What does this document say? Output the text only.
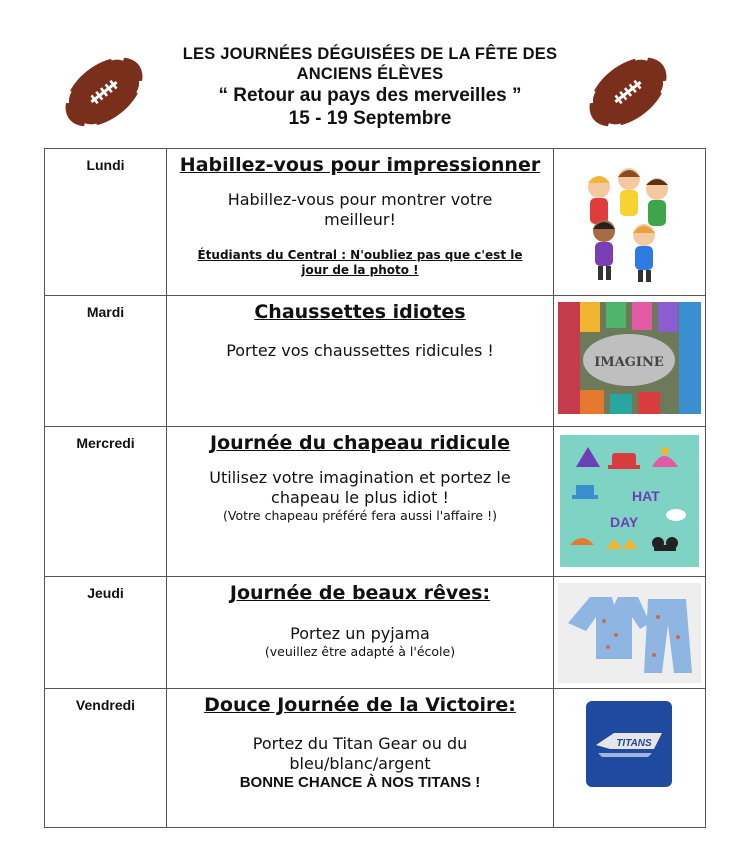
LES JOURNÉES DÉGUISÉES DE LA FÊTE DES
ANCIENS ÉLÈVES
“ Retour au pays des merveilles ”
15 - 19 Septembre
Lundi	Habillez-vous pour impressionner
Habillez-vous pour montrer votre
meilleur!
Étudiants du Central : N'oubliez pas que c'est le
jour de la photo !
Mardi	Chaussettes idiotes
Portez vos chaussettes ridicules !
IMAGINE
Mercredi	Journée du chapeau ridicule
Utilisez votre imagination et portez le
chapeau le plus idiot !
(Votre chapeau préféré fera aussi l'affaire !)
HAT
DAY
Jeudi	Journée de beaux rêves:
Portez un pyjama
(veuillez être adapté à l'école)
Vendredi	Douce Journée de la Victoire:
Portez du Titan Gear ou du
bleu/blanc/argent
BONNE CHANCE À NOS TITANS !
TITANS
